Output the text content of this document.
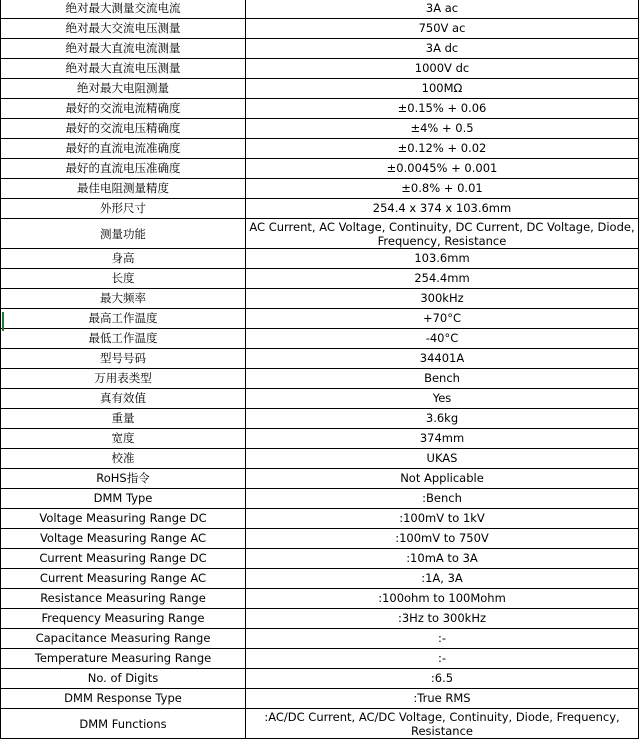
绝对最大测量交流电流	3A ac
绝对最大交流电压测量	750V ac
绝对最大直流电流测量	3A dc
绝对最大直流电压测量	1000V dc
绝对最大电阻测量	100MΩ
最好的交流电流精确度	±0.15% + 0.06
最好的交流电压精确度	±4% + 0.5
最好的直流电流准确度	±0.12% + 0.02
最好的直流电压准确度	±0.0045% + 0.001
最佳电阻测量精度	±0.8% + 0.01
外形尺寸	254.4 x 374 x 103.6mm
测量功能	AC Current, AC Voltage, Continuity, DC Current, DC Voltage, Diode, Frequency, Resistance

身高	103.6mm
长度	254.4mm
最大频率	300kHz
最高工作温度	+70°C
最低工作温度	-40°C
型号号码	34401A
万用表类型	Bench
真有效值	Yes
重量	3.6kg
宽度	374mm
校准	UKAS
RoHS指令	Not Applicable
DMM Type	:Bench
Voltage Measuring Range DC	:100mV to 1kV
Voltage Measuring Range AC	:100mV to 750V
Current Measuring Range DC	:10mA to 3A
Current Measuring Range AC	:1A, 3A
Resistance Measuring Range	:100ohm to 100Mohm
Frequency Measuring Range	:3Hz to 300kHz
Capacitance Measuring Range	:-
Temperature Measuring Range	:-
No. of Digits	:6.5
DMM Response Type	:True RMS
DMM Functions	:AC/DC Current, AC/DC Voltage, Continuity, Diode, Frequency, Resistance
